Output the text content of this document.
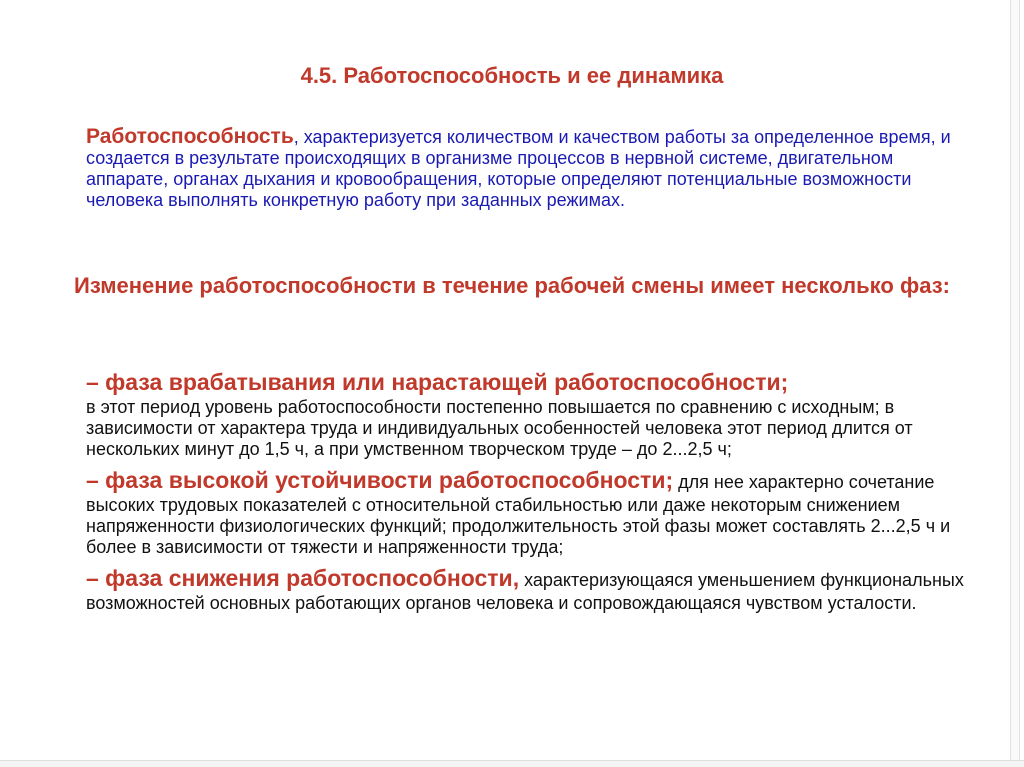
4.5. Работоспособность и ее динамика
Работоспособность, характеризуется количеством и качеством работы за определенное время, и создается в результате происходящих в организме процессов в нервной системе, двигательном аппарате, органах дыхания и кровообращения, которые определяют потенциальные возможности человека выполнять конкретную работу при заданных режимах.
Изменение работоспособности в течение рабочей смены имеет несколько фаз:

– фаза врабатывания или нарастающей работоспособности;
в этот период уровень работоспособности постепенно повышается по сравнению с исходным; в зависимости от характера труда и индивидуальных особенностей человека этот период длится от нескольких минут до 1,5 ч, а при умственном творческом труде – до 2...2,5 ч;

– фаза высокой устойчивости работоспособности; для нее характерно сочетание высоких трудовых показателей с относительной стабильностью или даже некоторым снижением напряженности физиологических функций; продолжительность этой фазы может составлять 2...2,5 ч и более в зависимости от тяжести и напряженности труда;

– фаза снижения работоспособности, характеризующаяся уменьшением функциональных возможностей основных работающих органов человека и сопровождающаяся чувством усталости.
